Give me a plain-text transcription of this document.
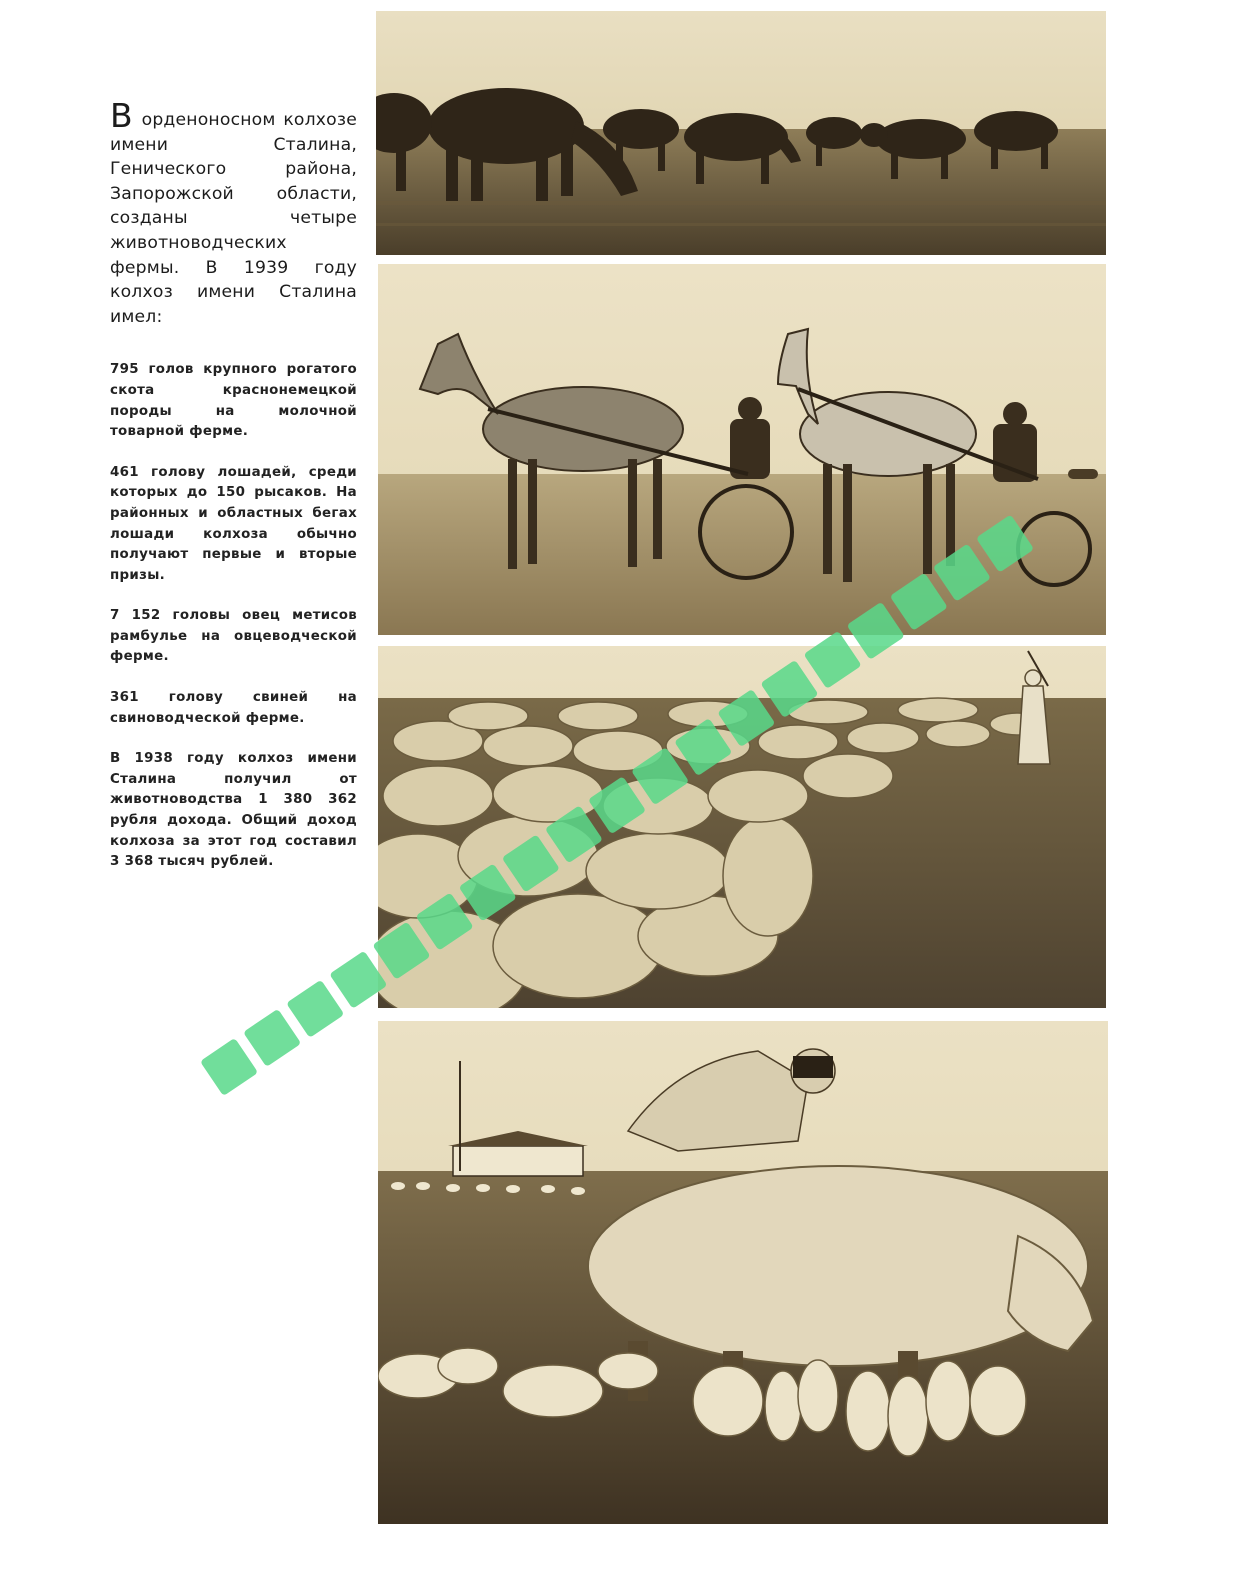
В орденоносном колхозе имени Сталина, Генического района, Запорожской области, созданы четыре животноводческих фермы. В 1939 году колхоз имени Сталина имел:

795 голов крупного рогатого скота краснонемецкой породы на молочной товарной ферме.

461 голову лошадей, среди которых до 150 рысаков. На районных и областных бегах лошади колхоза обычно получают первые и вторые призы.

7 152 головы овец метисов рамбулье на овцеводческой ферме.

361 голову свиней на свиноводческой ферме.

В 1938 году колхоз имени Сталина получил от животноводства 1 380 362 рубля дохода. Общий доход колхоза за этот год составил 3 368 тысяч рублей.
